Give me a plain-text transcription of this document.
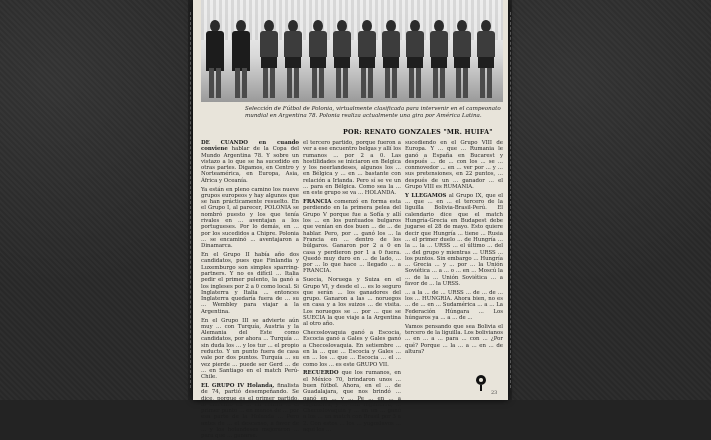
Selección de Fútbol de Polonia, virtualmente clasificada para intervenir en el campeonato mundial en Argentina 78. Polonia realiza actualmente una gira por América Latina.
POR: RENATO GONZALES "MR. HUIFA"

DE CUANDO en cuando conviene hablar de la Copa del Mundo Argentina 78. Y sobre un vistazo a lo que se ha sucedido en otras partes. Digamos, en Centro y Norteamérica, en Europa, Asia, África y Oceanía.

Ya están en pleno camino los nueve grupos europeos y hay algunos que se han prácticamente resuelto. En el Grupo I, al parecer, POLONIA se nombró puesto y los que tenía rivales en ... aventajan a los portugueses. Por lo demás, en ... por los sucedidos a Chipre. Polonia ... se encaminó ... aventajaron a Dinamarca.

En el Grupo II había año dos candidatos, pues que Finlandia y Luxemburgo son simples sparring-partners. Y no es difícil ... Italia pedir el primer pulento, la ganó a los ingleses por 2 a 0 como local. Si Inglaterra y Italia ... entonces Inglaterra quedaría fuera de ... su ... Wembley para viajar a la Argentina.

En el Grupo III se advierte aún muy ... con Turquía, Austria y la Alemania del Este como candidatos, por ahora ... Turquía ... sin duda los ... y los tur ... el propio reducto. Y un punto fuera de casa vale por dos puntos. Turquía ... su vez pierde ... puede ser Gerd ... de ... en Santiago en el match Perú-Chile.

EL GRUPO IV Holanda, finalista de 74, partió desempeñando. Se dice, porque es el primer partido, lo enfrentó en ... en contra ... el primer punto ... en manos de ... por esa parte de la Holanda ... Pero antes de ... el descanso, a favor de ... y los holandeses mejoraron ... para que ... ganarse.

el tercero partido, porque fueron a ver a ese encuentro belgas y allí los rumanos ... por 2 a 0. Las hostilidades se iniciaron en Belgica y los neerlandeses, algunos los ... en Bélgica y ... en ... bastante con relación a Irlanda. Pero sí se ve un ... para en Bélgica. Como sea la ... en este grupo se va ... HOLANDA.

FRANCIA comenzó en forma esta perdiendo en la primera pelea del Grupo V porque fue a Sofía y allí los ... en los puntuados bulgaros que venían en dos buen ... de ... de hablar. Pero, por ... ganó los ... la Francia en ... dentro de los búlgaros. Ganaron por 2 a 0 en casa y perdieron por 1 a 0 fuera. Quedó muy duro en ... de lado, ... por ... lo que hace ... llegado ... a FRANCIA.

Suecia, Noruega y Suiza en el Grupo VI, y desde el ... es lo seguro que serán ... los ganadores del grupo. Ganaron a las ... noruegos en casa y a los suizos ... de visita. Los noruegos se ... por ... que se SUECIA la que viaje a la Argentina al otro año.

Checoslovaquia ganó a Escocia, Escocia ganó a Gales y Gales ganó a Checoslovaquia. En setiembre ... en la ... que ... Escocia y Gales ... en ... los ... que ... Escocia ... el ... como los ... es este GRUPO VII.

RECUERDO que los rumanos, en el México 70, brindaron unos ... buen fútbol. Ahora, en el ... de Guadalajara, que nos brindó ... ganó en ... y ... Pe ... en ... a Inglaterra, y ... con Inglaterra, ... Checoslovaquia y ... en un ... ganó a los ... un match con Brasil por 3 a 2. Con estos ... los ... yugoslavos ... aquí los ...

sucediendo en el Grupo VIII de Europa. Y ... que ... Rumania le ganó a España en Bucarest y después ... de ... con los ... se ... conmovedor ... en ... ver por ... y ... sus pretensiones, en 22 puntos, ... después de un ... ganador ... el Grupo VIII es RUMANIA.

Y LLEGAMOS al Grupo IX, que el ... que ... en ... el tercero de la liguilla Bolivia-Brasil-Perú. El calendario dice que el match Hungría-Grecia en Budapest debe jugarse el 28 de mayo. Esto quiere decir que Hungría ... tiene ... Rusia ... el primer duelo ... de Hungría ... la ... la ... URSS ... el último ... del ... del grupo y mientras ... URSS ... los puntos. Sin embargo ... Hungría ... Grecia ... y ... por ... la Unión Soviética ... a ... o ... en ... Moscú la ... de la ... Unión Soviética ... a favor de ... la URSS.

... a la ... de ... URSS ... de ... de ... los ... HUNGRIA. Ahora bien, no es ... de ... en ... Sudamérica ... a ... La Federación Húngara ... Los húngaros ya ... a ... de ...

Vamos pensando que sea Bolivia el tercero de la liguilla. Los bolivianos ... en ... a ... para ... con ... ¿Por qué? Porque ... la ... a ... en ... de altura?

23
